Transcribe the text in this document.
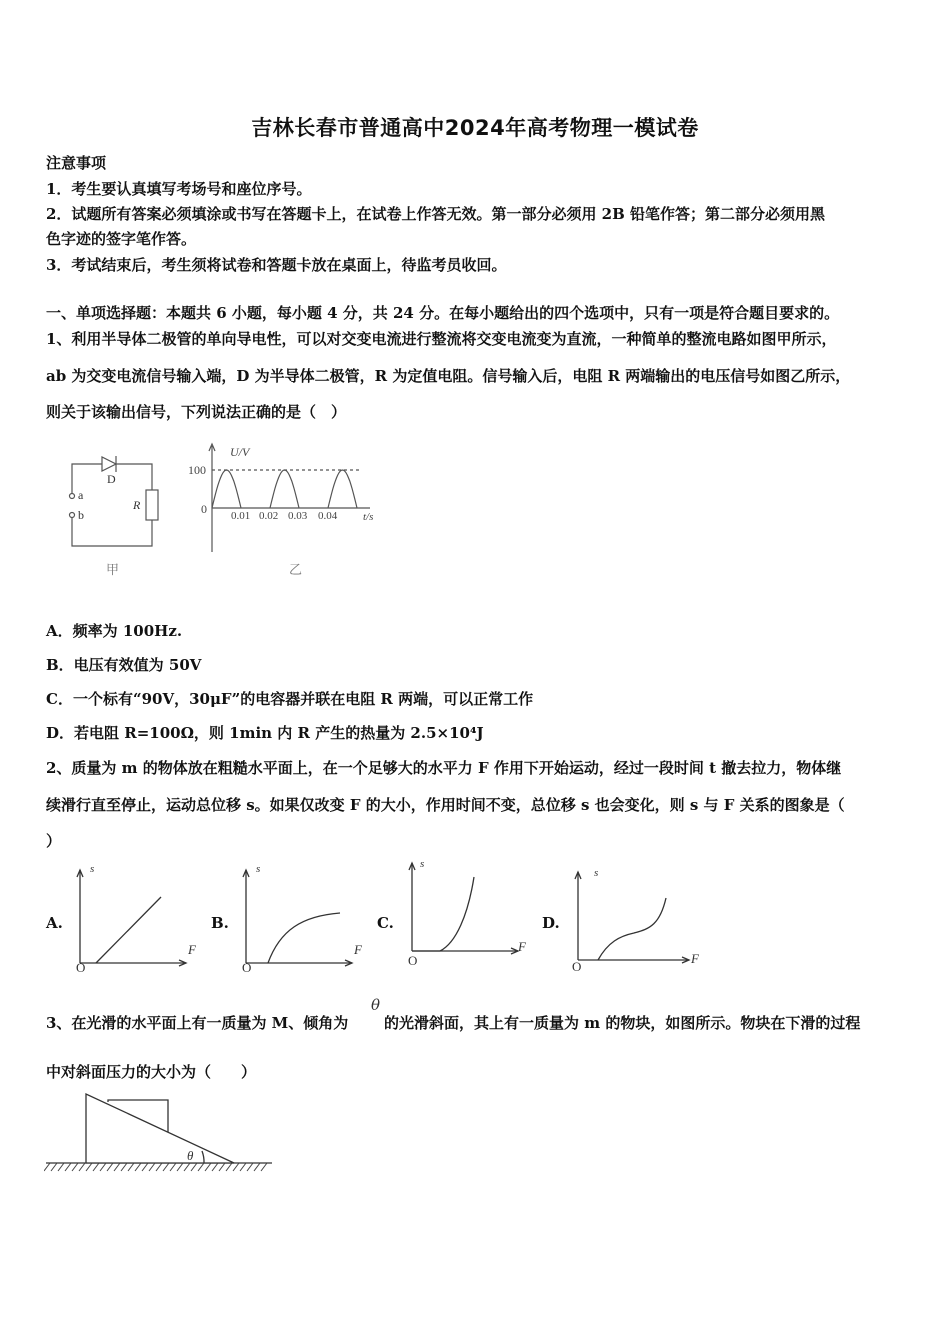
吉林长春市普通高中2024年高考物理一模试卷
注意事项
1．考生要认真填写考场号和座位序号。
2．试题所有答案必须填涂或书写在答题卡上，在试卷上作答无效。第一部分必须用 2B 铅笔作答；第二部分必须用黑
色字迹的签字笔作答。
3．考试结束后，考生须将试卷和答题卡放在桌面上，待监考员收回。
一、单项选择题：本题共 6 小题，每小题 4 分，共 24 分。在每小题给出的四个选项中，只有一项是符合题目要求的。
1、利用半导体二极管的单向导电性，可以对交变电流进行整流将交变电流变为直流，一种简单的整流电路如图甲所示，
ab 为交变电流信号输入端，D 为半导体二极管，R 为定值电阻。信号输入后，电阻 R 两端输出的电压信号如图乙所示，
则关于该输出信号，下列说法正确的是（　）
D
a
b
R
甲
U/V
100
0 0.01 0.02 0.03 0.04 t/s
乙
A．频率为 100Hz.
B．电压有效值为 50V
C．一个标有“90V，30μF”的电容器并联在电阻 R 两端，可以正常工作
D．若电阻 R=100Ω，则 1min 内 R 产生的热量为 2.5×10⁴J
2、质量为 m 的物体放在粗糙水平面上，在一个足够大的水平力 F 作用下开始运动，经过一段时间 t 撤去拉力，物体继
续滑行直至停止，运动总位移 s。如果仅改变 F 的大小，作用时间不变，总位移 s 也会变化，则 s 与 F 关系的图象是（
）
A.
s
F
O
B.
s
F
O
C.
s
F
O
D.
s
F
O
3、在光滑的水平面上有一质量为 M、倾角为
θ
的光滑斜面，其上有一质量为 m 的物块，如图所示。物块在下滑的过程
中对斜面压力的大小为（　　）
θ
